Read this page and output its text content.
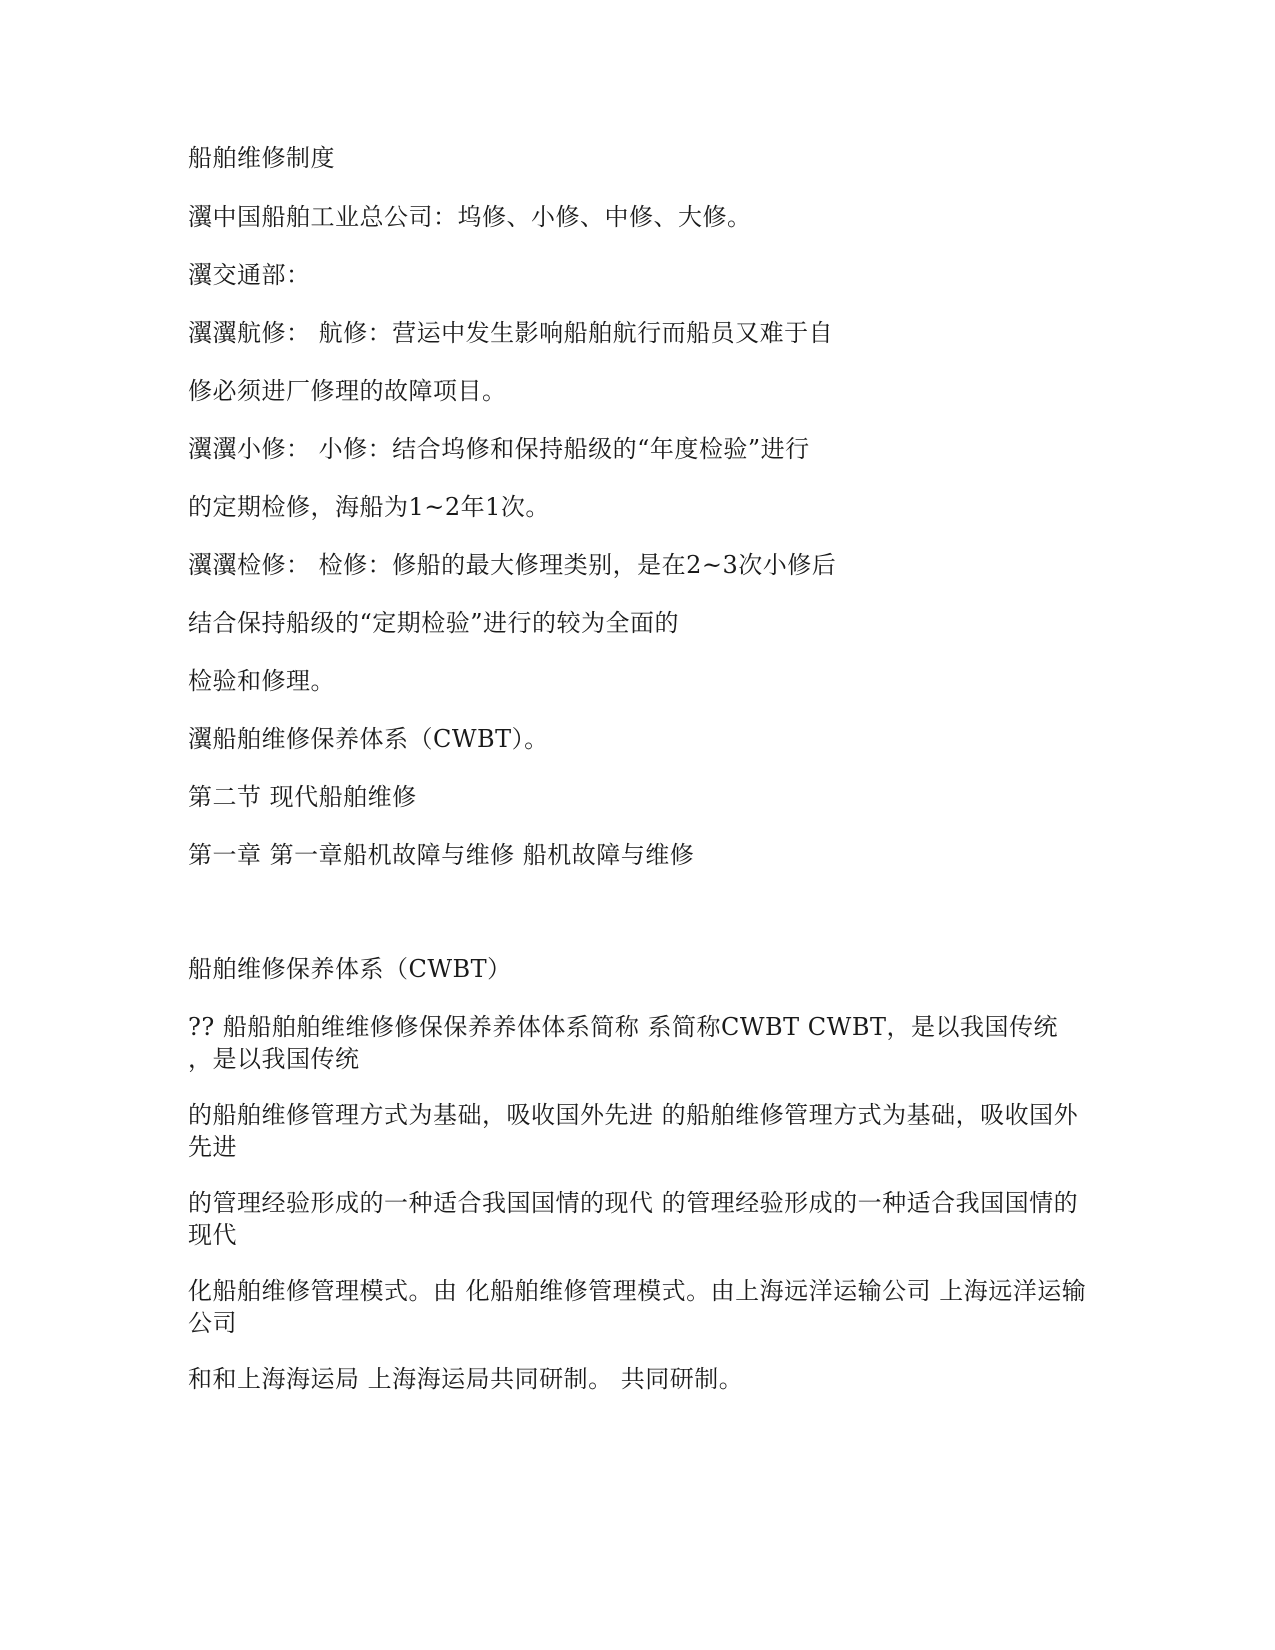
船舶维修制度
瀷中国船舶工业总公司：坞修、小修、中修、大修。
瀷交通部：
瀷瀷航修： 航修：营运中发生影响船舶航行而船员又难于自
修必须进厂修理的故障项目。
瀷瀷小修： 小修：结合坞修和保持船级的“年度检验”进行
的定期检修，海船为1~2年1次。
瀷瀷检修： 检修：修船的最大修理类别，是在2~3次小修后
结合保持船级的“定期检验”进行的较为全面的
检验和修理。
瀷船舶维修保养体系（CWBT）。
第二节 现代船舶维修
第一章 第一章船机故障与维修 船机故障与维修
船舶维修保养体系（CWBT）
?? 船船舶舶维维修修保保养养体体系简称 系简称CWBT CWBT，是以我国传统 ，是以我国传统
的船舶维修管理方式为基础，吸收国外先进 的船舶维修管理方式为基础，吸收国外先进
的管理经验形成的一种适合我国国情的现代 的管理经验形成的一种适合我国国情的现代
化船舶维修管理模式。由 化船舶维修管理模式。由上海远洋运输公司 上海远洋运输公司
和和上海海运局 上海海运局共同研制。 共同研制。
